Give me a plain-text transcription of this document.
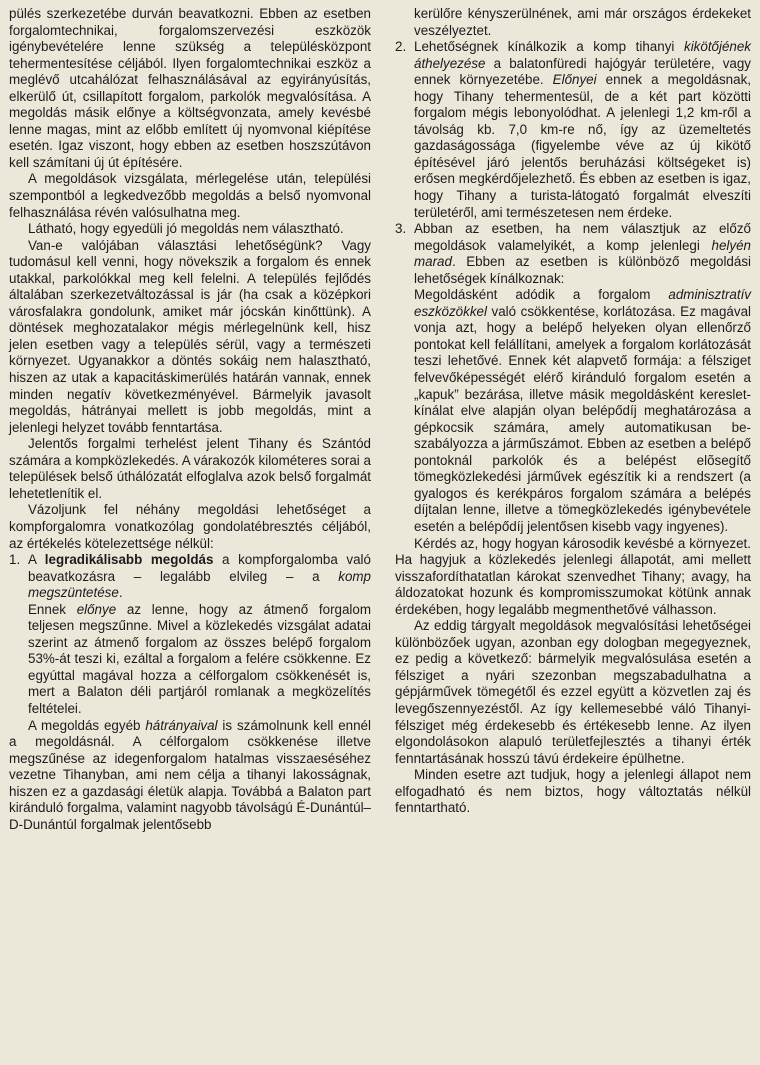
pülés szerkezetébe durván beavatkozni. Ebben az esetben forgalomtechnikai, forgalomszervezési eszközök igénybevételére lenne szükség a településközpont tehermentesítése céljából. Ilyen forgalomtechnikai eszköz a meglévő utcahálózat felhasználásával az egyirányúsítás, elkerülő út, csillapított forgalom, parkolók megvalósítása. A megoldás másik előnye a költségvonzata, amely kevésbé lenne magas, mint az előbb említett új nyomvonal kiépítése esetén. Igaz viszont, hogy ebben az esetben hoszszútávon kell számítani új út építésére.

A megoldások vizsgálata, mérlegelése után, települési szempontból a legkedvezőbb megoldás a belső nyomvonal felhasználása révén valósulhatna meg.

Látható, hogy egyedüli jó megoldás nem választható.

Van-e valójában választási lehetőségünk? Vagy tudomásul kell venni, hogy növekszik a forgalom és ennek utakkal, parkolókkal meg kell felelni. A település fejlődés általában szerkezetváltozással is jár (ha csak a középkori városfalakra gondolunk, amiket már jócskán kinőttünk). A döntések meghozatalakor mégis mérlegelnünk kell, hisz jelen esetben vagy a település sérül, vagy a természeti környezet. Ugyanakkor a döntés sokáig nem halasztható, hiszen az utak a kapacitáskimerülés határán vannak, ennek minden negatív következményével. Bármelyik javasolt megoldás, hátrányai mellett is jobb megoldás, mint a jelenlegi helyzet tovább fenntartása.

Jelentős forgalmi terhelést jelent Tihany és Szántód számára a kompközlekedés. A várakozók kilométeres sorai a települések belső úthálózatát elfoglalva azok belső forgalmát lehetetlenítik el.

Vázoljunk fel néhány megoldási lehetőséget a kompforgalomra vonatkozólag gondolatébresztés céljából, az értékelés kötelezettsége nélkül:

1. A legradikálisabb megoldás a kompforgalomba való beavatkozásra – legalább elvileg – a komp megszüntetése.

Ennek előnye az lenne, hogy az átmenő forgalom teljesen megszűnne. Mivel a közlekedés vizsgálat adatai szerint az átmenő forgalom az összes belépő forgalom 53%-át teszi ki, ezáltal a forgalom a felére csökkenne. Ez egyúttal magával hozza a célforgalom csökkenését is, mert a Balaton déli partjáról romlanak a megközelítés feltételei.

A megoldás egyéb hátrányaival is számolnunk kell ennél a megoldásnál. A célforgalom csökkenése illetve megszűnése az idegenforgalom hatalmas visszaeséséhez vezetne Tihanyban, ami nem célja a tihanyi lakosságnak, hiszen ez a gazdasági életük alapja. Továbbá a Balaton part kiránduló forgalma, valamint nagyobb távolságú É-Dunántúl–D-Dunántúl forgalmak jelentősebb

kerülőre kényszerülnének, ami már országos érdekeket veszélyeztet.

2. Lehetőségnek kínálkozik a komp tihanyi kikötőjének áthelyezése a balatonfüredi hajógyár területére, vagy ennek környezetébe. Előnyei ennek a megoldásnak, hogy Tihany tehermentesül, de a két part közötti forgalom mégis lebonyolódhat. A jelenlegi 1,2 km-ről a távolság kb. 7,0 km-re nő, így az üzemeltetés gazdaságossága (figyelembe véve az új kikötő építésével járó jelentős beruházási költségeket is) erősen megkérdőjelezhető. És ebben az esetben is igaz, hogy Tihany a turista-látogató forgalmát elveszíti területéről, ami természetesen nem érdeke.

3. Abban az esetben, ha nem választjuk az előző megoldások valamelyikét, a komp jelenlegi helyén marad. Ebben az esetben is különböző megoldási lehetőségek kínálkoznak:

Megoldásként adódik a forgalom adminisztratív eszközökkel való csökkentése, korlátozása. Ez magával vonja azt, hogy a belépő helyeken olyan ellenőrző pontokat kell felállítani, amelyek a forgalom korlátozását teszi lehetővé. Ennek két alapvető formája: a félsziget felvevőképességét elérő kiránduló forgalom esetén a „kapuk” bezárása, illetve másik megoldásként kereslet-kínálat elve alapján olyan belépődíj meghatározása a gépkocsik számára, amely automatikusan beszabályozza a járműszámot. Ebben az esetben a belépő pontoknál parkolók és a belépést elõsegítő tömegközlekedési járművek egészítik ki a rendszert (a gyalogos és kerékpáros forgalom számára a belépés díjtalan lenne, illetve a tömegközlekedés igénybevétele esetén a belépődíj jelentősen kisebb vagy ingyenes).

Kérdés az, hogy hogyan károsodik kevésbé a környezet. Ha hagyjuk a közlekedés jelenlegi állapotát, ami mellett visszafordíthatatlan károkat szenvedhet Tihany; avagy, ha áldozatokat hozunk és kompromisszumokat kötünk annak érdekében, hogy legalább megmenthetővé válhasson.

Az eddig tárgyalt megoldások megvalósítási lehetőségei különbözőek ugyan, azonban egy dologban megegyeznek, ez pedig a következő: bármelyik megvalósulása esetén a félsziget a nyári szezonban megszabadulhatna a gépjárművek tömegétől és ezzel együtt a közvetlen zaj és levegőszennyezéstől. Az így kellemesebbé váló Tihanyi-félsziget még érdekesebb és értékesebb lenne. Az ilyen elgondolásokon alapuló területfejlesztés a tihanyi érték fenntartásának hosszú távú érdekeire épülhetne.

Minden esetre azt tudjuk, hogy a jelenlegi állapot nem elfogadható és nem biztos, hogy változtatás nélkül fenntartható.
